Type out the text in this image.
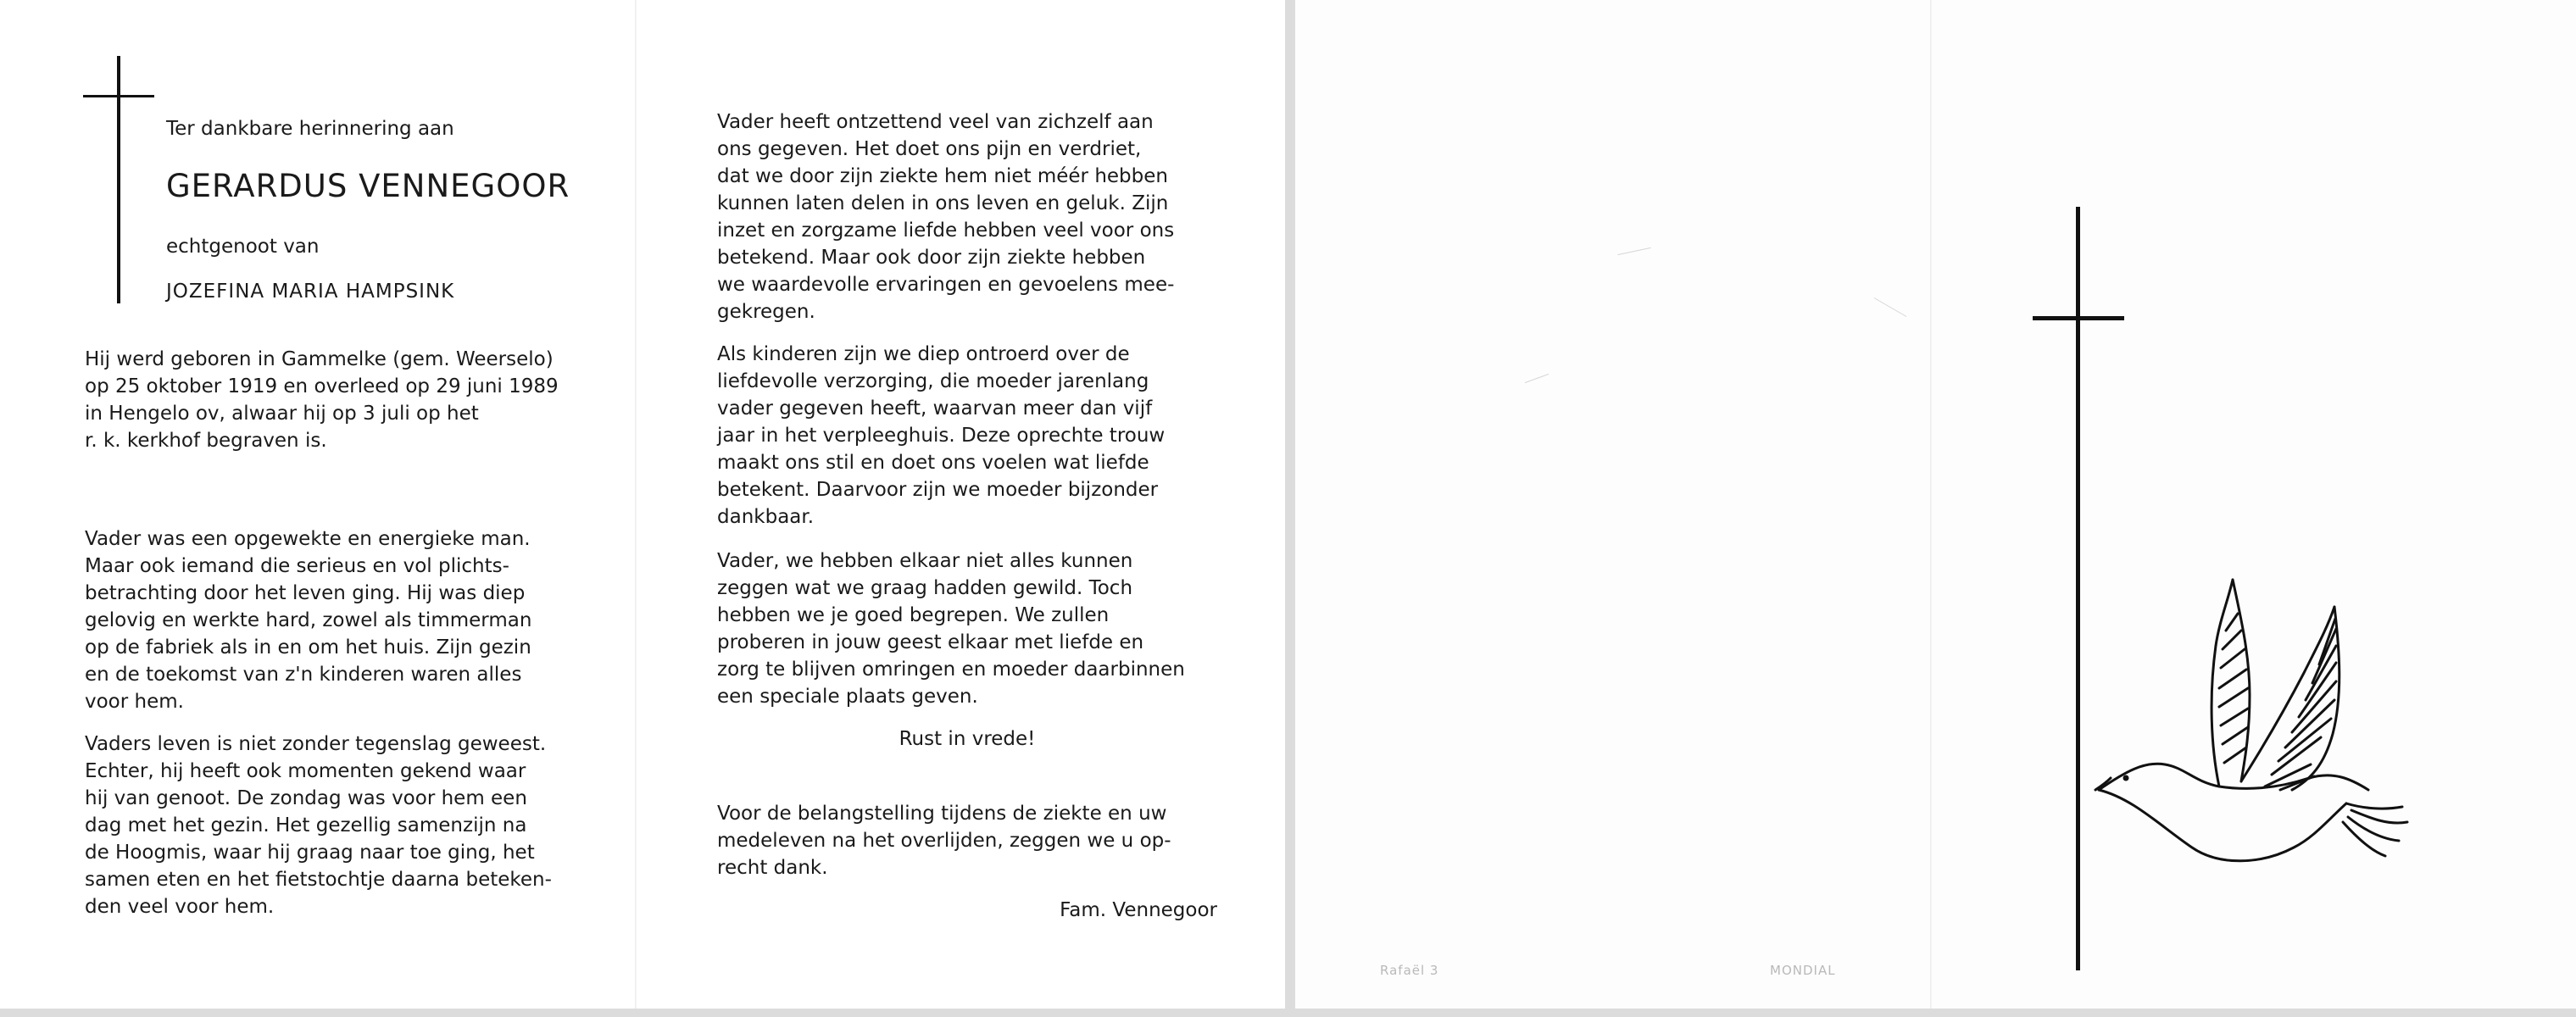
Ter dankbare herinnering aan
GERARDUS VENNEGOOR
echtgenoot van
JOZEFINA MARIA HAMPSINK
Hij werd geboren in Gammelke (gem. Weerselo)
op 25 oktober 1919 en overleed op 29 juni 1989
in Hengelo ov, alwaar hij op 3 juli op het
r. k. kerkhof begraven is.
Vader was een opgewekte en energieke man.
Maar ook iemand die serieus en vol plichts-
betrachting door het leven ging. Hij was diep
gelovig en werkte hard, zowel als timmerman
op de fabriek als in en om het huis. Zijn gezin
en de toekomst van z'n kinderen waren alles
voor hem.
Vaders leven is niet zonder tegenslag geweest.
Echter, hij heeft ook momenten gekend waar
hij van genoot. De zondag was voor hem een
dag met het gezin. Het gezellig samenzijn na
de Hoogmis, waar hij graag naar toe ging, het
samen eten en het fietstochtje daarna beteken-
den veel voor hem.
Vader heeft ontzettend veel van zichzelf aan
ons gegeven. Het doet ons pijn en verdriet,
dat we door zijn ziekte hem niet méér hebben
kunnen laten delen in ons leven en geluk. Zijn
inzet en zorgzame liefde hebben veel voor ons
betekend. Maar ook door zijn ziekte hebben
we waardevolle ervaringen en gevoelens mee-
gekregen.
Als kinderen zijn we diep ontroerd over de
liefdevolle verzorging, die moeder jarenlang
vader gegeven heeft, waarvan meer dan vijf
jaar in het verpleeghuis. Deze oprechte trouw
maakt ons stil en doet ons voelen wat liefde
betekent. Daarvoor zijn we moeder bijzonder
dankbaar.
Vader, we hebben elkaar niet alles kunnen
zeggen wat we graag hadden gewild. Toch
hebben we je goed begrepen. We zullen
proberen in jouw geest elkaar met liefde en
zorg te blijven omringen en moeder daarbinnen
een speciale plaats geven.
Rust in vrede!
Voor de belangstelling tijdens de ziekte en uw
medeleven na het overlijden, zeggen we u op-
recht dank.
Fam. Vennegoor
Rafaël 3	MONDIAL
